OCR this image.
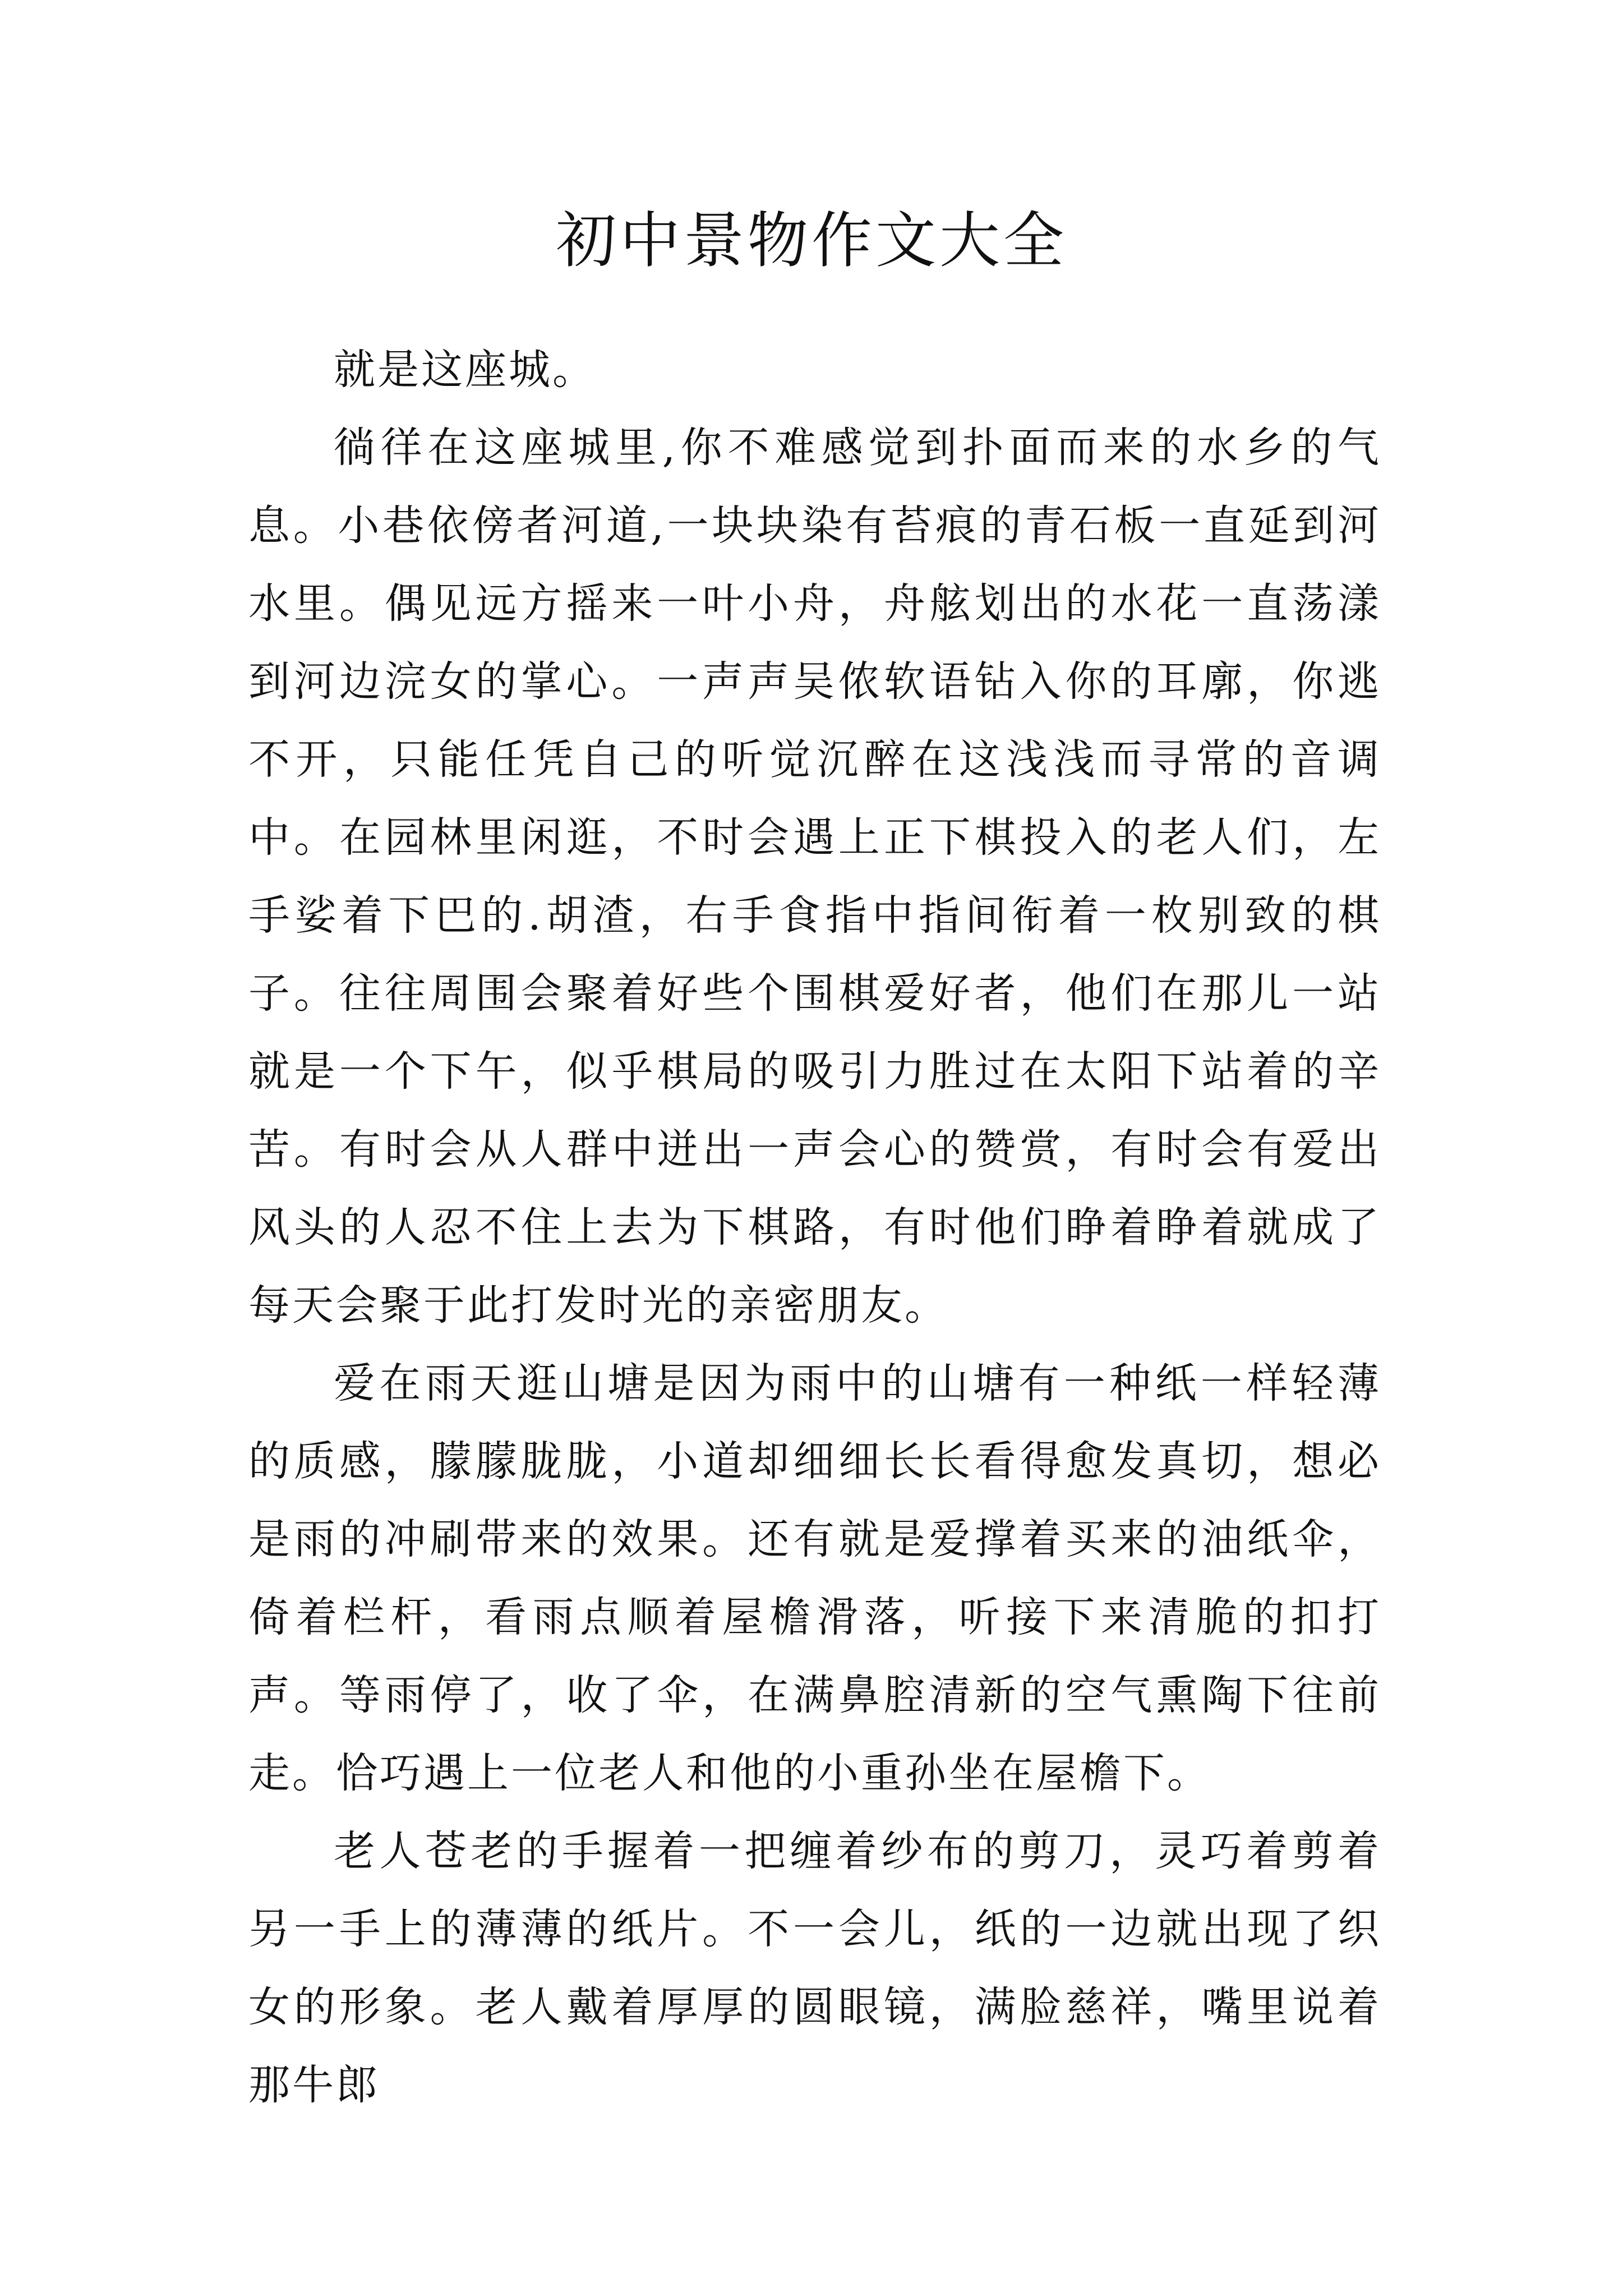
初中景物作文大全

就是这座城。

徜徉在这座城里,你不难感觉到扑面而来的水乡的气息。小巷依傍者河道,一块块染有苔痕的青石板一直延到河水里。偶见远方摇来一叶小舟，舟舷划出的水花一直荡漾到河边浣女的掌心。一声声吴侬软语钻入你的耳廓，你逃不开，只能任凭自己的听觉沉醉在这浅浅而寻常的音调中。在园林里闲逛，不时会遇上正下棋投入的老人们，左手娑着下巴的.胡渣，右手食指中指间衔着一枚别致的棋子。往往周围会聚着好些个围棋爱好者，他们在那儿一站就是一个下午，似乎棋局的吸引力胜过在太阳下站着的辛苦。有时会从人群中迸出一声会心的赞赏，有时会有爱出风头的人忍不住上去为下棋路，有时他们睁着睁着就成了每天会聚于此打发时光的亲密朋友。

爱在雨天逛山塘是因为雨中的山塘有一种纸一样轻薄的质感，朦朦胧胧，小道却细细长长看得愈发真切，想必是雨的冲刷带来的效果。还有就是爱撑着买来的油纸伞，倚着栏杆，看雨点顺着屋檐滑落，听接下来清脆的扣打声。等雨停了，收了伞，在满鼻腔清新的空气熏陶下往前走。恰巧遇上一位老人和他的小重孙坐在屋檐下。

老人苍老的手握着一把缠着纱布的剪刀，灵巧着剪着另一手上的薄薄的纸片。不一会儿，纸的一边就出现了织女的形象。老人戴着厚厚的圆眼镜，满脸慈祥，嘴里说着那牛郎
